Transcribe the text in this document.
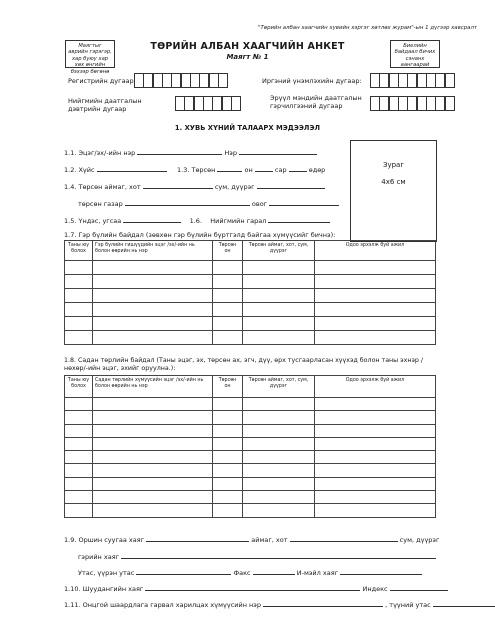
"Төрийн албан хаагчийн хувийн хэргэг хөтлөх журам"-ын 1 дүгээр хавсралт
Маягтыг аврийн гэрэгэр, хар буюу хар хөх өнгийн бэхээр бөгөнө
Биелийн байдаал бичих сэнанх аангаарай
ТӨРИЙН АЛБАН ХААГЧИЙН АНКЕТ
Маягт № 1
Регистрийн дугаар	Иргэний үнэмлэхийн дугаар:
Нийгмийн даатгалын
дэвтрийн дугаар
Эрүүл мэндийн даатгалын
гэрчилгээний дугаар
1. ХУВЬ ХҮНИЙ ТАЛААРХ МЭДЭЭЛЭЛ
Зураг
4x6 см
1.1. Эцэг/эх/-ийн нэр	Нэр
1.2. Хүйс	1.3. Төрсөн	он	сар	өдөр
1.4. Төрсөн аймаг, хот	сум, дүүрэг
төрсөн газар	овог
1.5. Үндэс, угсаа	1.6. Нийгмийн гарал
1.7. Гэр бүлийн байдал (зөвхөн гэр бүлийн бүртгэлд байгаа хүмүүсийг бичнэ):
Таны юу болох	Гэр бүлийн гишүүдийн эцэг /эх/-ийн нь болон өөрийн нь нэр	Төрсөн он	Төрсөн аймаг, хот, сум, дүүрэг	Одоо эрхэлж буй ажил

1.8. Садан төрлийн байдал (Таны эцэг, эх, төрсөн ах, эгч, дүү, өрх тусгаарласан хүүхэд болон таны эхнэр / нөхөр/-ийн эцэг, эхийг оруулна.):
Таны юу болох	Садан төрлийн хүмүүсийн эцэг /эх/-ийн нь болон өөрийн нь нэр	Төрсөн он	Төрсөн аймаг, хот, сум, дүүрэг	Одоо эрхэлж буй ажил

1.9. Оршин суугаа хаяг	аймаг, хот	сум, дүүрэг
гэрийн хаяг
Утас, үүрэн утас	Факс	И-мэйл хаяг
1.10. Шуудангийн хаяг	Индекс
1.11. Онцгой шаардлага гарвал харилцах хүмүүсийн нэр	, түүний утас
